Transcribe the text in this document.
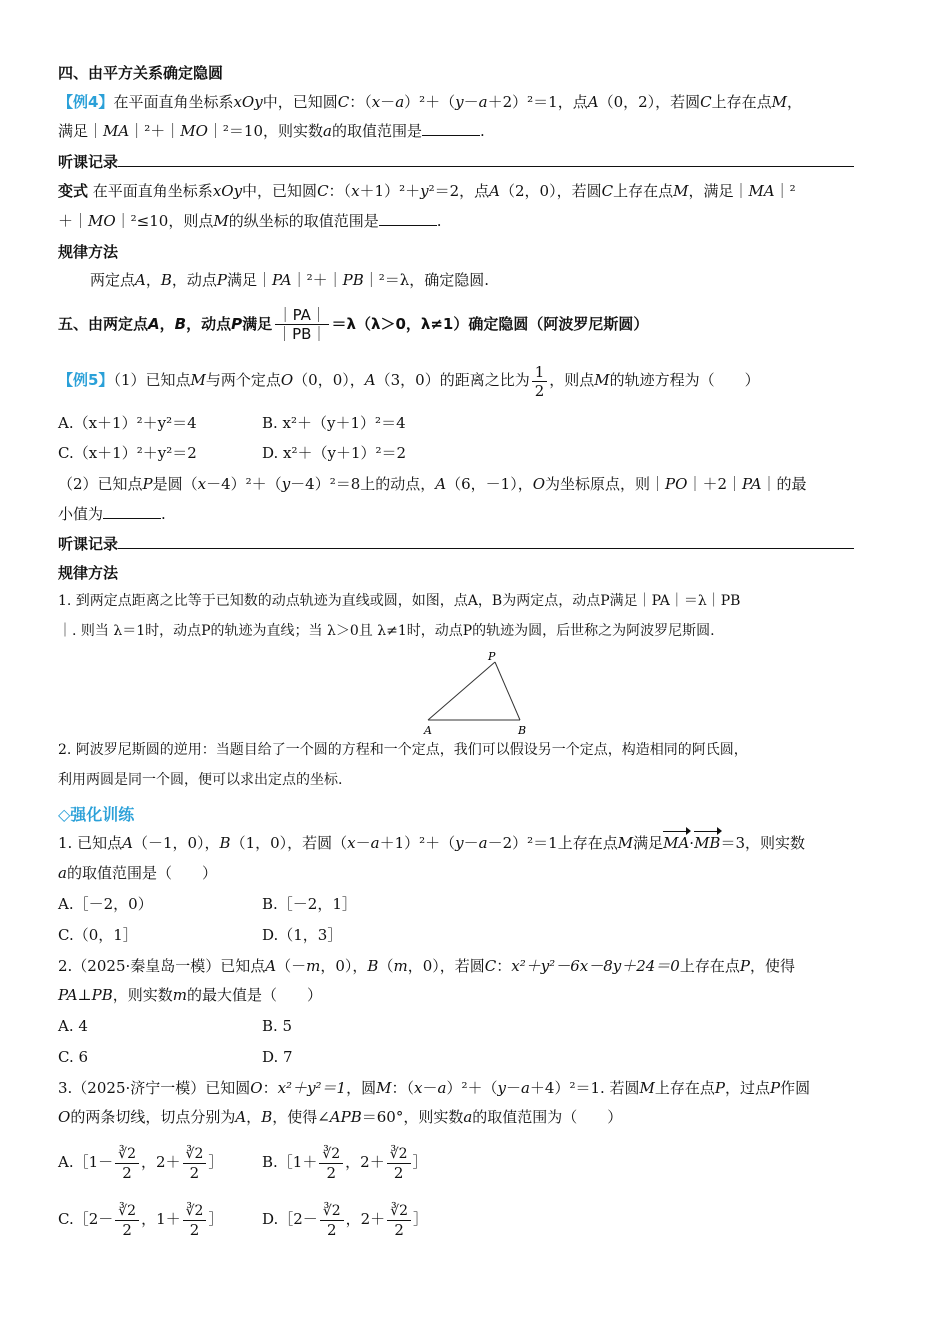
四、由平方关系确定隐圆
【例4】在平面直角坐标系xOy中，已知圆C：（x－a）²＋（y－a＋2）²＝1，点A（0，2），若圆C上存在点M，
满足｜MA｜²＋｜MO｜²＝10，则实数a的取值范围是	.
听课记录
变式 在平面直角坐标系xOy中，已知圆C：（x＋1）²＋y²＝2，点A（2，0），若圆C上存在点M，满足｜MA｜²
＋｜MO｜²≤10，则点M的纵坐标的取值范围是	.
规律方法
两定点A，B，动点P满足｜PA｜²＋｜PB｜²＝λ，确定隐圆.
五、由两定点A，B，动点P满足 $\frac{|PA|}{|PB|} =\lambda(\lambda>0$，λ≠1）确定隐圆（阿波罗尼斯圆）
【例5】（1）已知点M与两个定点O（0，0），A（3，0）的距离之比为 $\frac{1}{2}$ ，则点M的轨迹方程为（　　）
A.（x＋1）²＋y²＝4	B. x²＋（y＋1）²＝4
C.（x＋1）²＋y²＝2	D. x²＋（y＋1）²＝2
（2）已知点P是圆（x－4）²＋（y－4）²＝8上的动点，A（6，－1），O为坐标原点，则｜PO｜＋2｜PA｜的最
小值为	.
听课记录
规律方法
1. 到两定点距离之比等于已知数的动点轨迹为直线或圆，如图，点A，B为两定点，动点P满足｜PA｜＝λ｜PB
｜. 则当 λ＝1时，动点P的轨迹为直线；当 λ＞0且 λ≠1时，动点P的轨迹为圆，后世称之为阿波罗尼斯圆.
P
A	B
2. 阿波罗尼斯圆的逆用：当题目给了一个圆的方程和一个定点，我们可以假设另一个定点，构造相同的阿氏圆，
利用两圆是同一个圆，便可以求出定点的坐标.
◇强化训练
1. 已知点A（－1，0），B（1，0），若圆（x－a＋1）²＋（y－a－2）²＝1上存在点M满足MA·MB＝3，则实数
a的取值范围是（　　）
A.［－2，0）	B.［－2，1］
C.（0，1］	D.（1，3］
2.（2025·秦皇岛一模）已知点A（－m，0），B（m，0），若圆C：x²＋y²－6x－8y＋24＝0上存在点P，使得
PA⊥PB，则实数m的最大值是（　　）
A. 4	B. 5
C. 6	D. 7
3.（2025·济宁一模）已知圆O：x²＋y²＝1，圆M：（x－a）²＋（y－a＋4）²＝1. 若圆M上存在点P，过点P作圆
O的两条切线，切点分别为A，B，使得∠APB＝60°，则实数a的取值范围为（　　）
A.［1－ $\frac{∛2}{2}$ ，$2+ \frac{∛2}{2}$ ］	B.［1＋ $\frac{∛2}{2}$ ，$2+ \frac{∛2}{2}$ ］
C.［2－ $\frac{∛2}{2}$ ，$1+ \frac{∛2}{2}$ ］	D.［2－ $\frac{∛2}{2}$ ，$2+ \frac{∛2}{2}$ ］
